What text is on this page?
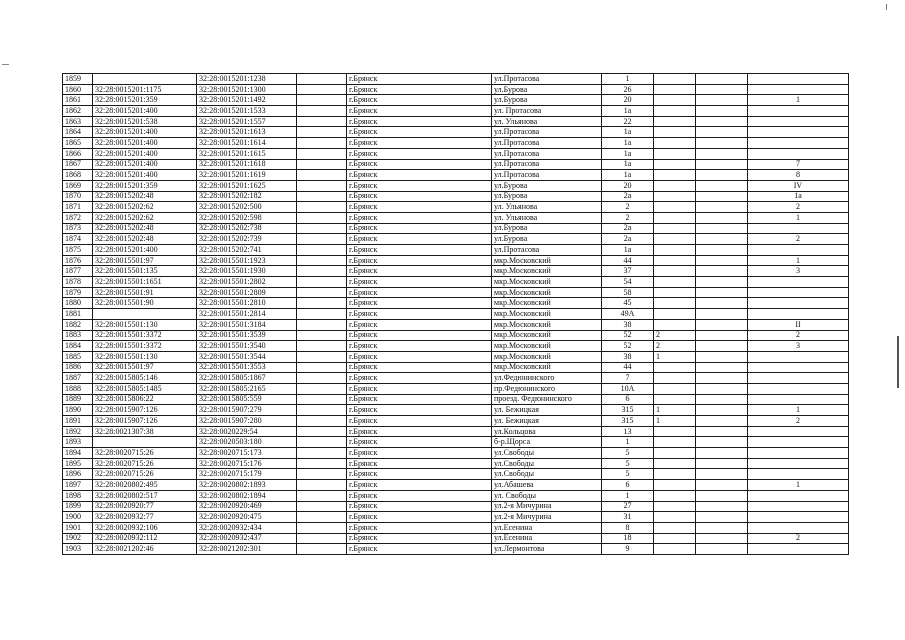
1859		32:28:0015201:1238		г.Брянск	ул.Протасова	1			
1860	32:28:0015201:1175	32:28:0015201:1300		г.Брянск	ул.Бурова	26			
1861	32:28:0015201:359	32:28:0015201:1492		г.Брянск	ул.Бурова	20			1
1862	32:28:0015201:400	32:28:0015201:1533		г.Брянск	ул. Протасова	1а			
1863	32:28:0015201:538	32:28:0015201:1557		г.Брянск	ул. Ульянова	22			
1864	32:28:0015201:400	32:28:0015201:1613		г.Брянск	ул.Протасова	1а			
1865	32:28:0015201:400	32:28:0015201:1614		г.Брянск	ул.Протасова	1а			
1866	32:28:0015201:400	32:28:0015201:1615		г.Брянск	ул.Протасова	1а			
1867	32:28:0015201:400	32:28:0015201:1618		г.Брянск	ул.Протасова	1а			7
1868	32:28:0015201:400	32:28:0015201:1619		г.Брянск	ул.Протасова	1а			8
1869	32:28:0015201:359	32:28:0015201:1625		г.Брянск	ул.Бурова	20			IV
1870	32:28:0015202:48	32:28:0015202:182		г.Брянск	ул.Бурова	2а			1а
1871	32:28:0015202:62	32:28:0015202:500		г.Брянск	ул. Ульянова	2			2
1872	32:28:0015202:62	32:28:0015202:598		г.Брянск	ул. Ульянова	2			1
1873	32:28:0015202:48	32:28:0015202:738		г.Брянск	ул.Бурова	2а			
1874	32:28:0015202:48	32:28:0015202:739		г.Брянск	ул.Бурова	2а			2
1875	32:28:0015201:400	32:28:0015202:741		г.Брянск	ул.Протасова	1а			
1876	32:28:0015501:97	32:28:0015501:1923		г.Брянск	мкр.Московский	44			1
1877	32:28:0015501:135	32:28:0015501:1930		г.Брянск	мкр.Московский	37			3
1878	32:28:0015501:1651	32:28:0015501:2802		г.Брянск	мкр.Московский	54			
1879	32:28:0015501:91	32:28:0015501:2809		г.Брянск	мкр.Московский	58			
1880	32:28:0015501:90	32:28:0015501:2810		г.Брянск	мкр.Московский	45			
1881		32:28:0015501:2814		г.Брянск	мкр.Московский	49А			
1882	32:28:0015501:130	32:28:0015501:3184		г.Брянск	мкр.Московский	38			II
1883	32:28:0015501:3372	32:28:0015501:3539		г.Брянск	мкр.Московский	52	2		2
1884	32:28:0015501:3372	32:28:0015501:3540		г.Брянск	мкр.Московский	52	2		3
1885	32:28:0015501:130	32:28:0015501:3544		г.Брянск	мкр.Московский	38	1		
1886	32:28:0015501:97	32:28:0015501:3553		г.Брянск	мкр.Московский	44			
1887	32:28:0015805:146	32:28:0015805:1867		г.Брянск	ул.Федюнинского	7			
1888	32:28:0015805:1485	32:28:0015805:2165		г.Брянск	пр.Федюнинского	10А			
1889	32:28:0015806:22	32:28:0015805:559		г.Брянск	проезд. Федюнинского	6			
1890	32:28:0015907:126	32:28:0015907:279		г.Брянск	ул. Бежицкая	315	1		1
1891	32:28:0015907:126	32:28:0015907:280		г.Брянск	ул. Бежицкая	315	1		2
1892	32:28:0021307:38	32:28:0020229:54		г.Брянск	ул.Кольцова	13			
1893		32:28:0020503:180		г.Брянск	б-р.Щорса	1			
1894	32:28:0020715:26	32:28:0020715:173		г.Брянск	ул.Свободы	5			
1895	32:28:0020715:26	32:28:0020715:176		г.Брянск	ул.Свободы	5			
1896	32:28:0020715:26	32:28:0020715:179		г.Брянск	ул.Свободы	5			
1897	32:28:0020802:495	32:28:0020802:1893		г.Брянск	ул.Абашева	6			1
1898	32:28:0020802:517	32:28:0020802:1894		г.Брянск	ул. Свободы	1			
1899	32:28:0020920:77	32:28:0020920:469		г.Брянск	ул.2-я Мичурина	27			
1900	32:28:0020932:77	32:28:0020920:475		г.Брянск	ул.2-я Мичурина	31			
1901	32:28:0020932:106	32:28:0020932:434		г.Брянск	ул.Есенина	8			
1902	32:28:0020932:112	32:28:0020932:437		г.Брянск	ул.Есенина	18			2
1903	32:28:0021202:46	32:28:0021202:301		г.Брянск	ул.Лермонтова	9			
